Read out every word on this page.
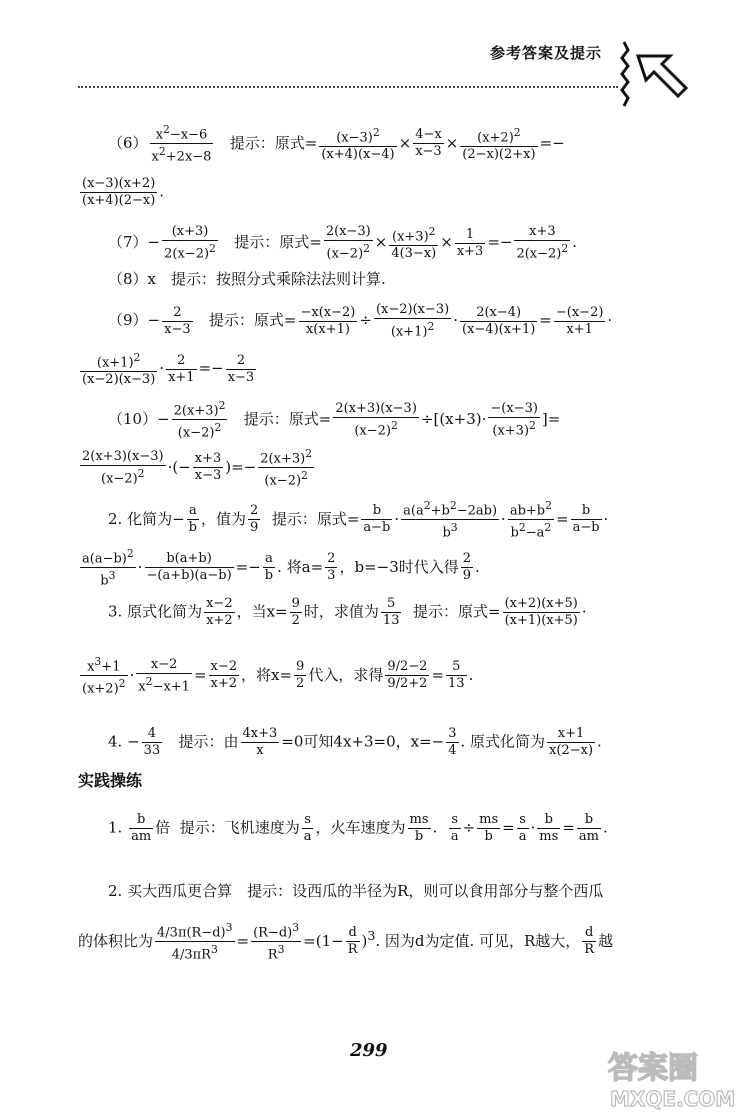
参考答案及提示
$(6) \frac{x^2-x-6}{x^2+2x-8}$ 提示：原式= $\frac{(x-3)^2}{(x+4)(x-4)} \times \frac{4-x}{x-3} \times \frac{(x+2)^2}{(2-x)(2+x)}$ =−
$\frac{(x-3)(x+2)}{(x+4)(2-x)}$ .
$(7)- \frac{(x+3)}{2(x-2)^2}$ 提示：原式= $\frac{2(x-3)}{(x-2)^2} \times \frac{(x+3)^2}{4(3-x)} \times \frac{1}{x+3} =- \frac{x+3}{2(x-2)^2}$ .
（8）x　提示：按照分式乘除法法则计算.
$(9)- \frac{2}{x-3}$ 提示：原式= $\frac{-x(x-2)}{x(x+1)} \div \frac{(x-2)(x-3)}{(x+1)^2} \cdot \frac{2(x-4)}{(x-4)(x+1)} = \frac{-(x-2)}{x+1}$ ·
$\frac{(x+1)^2}{(x-2)(x-3)} \cdot \frac{2}{x+1} =- \frac{2}{x-3}$
$(10)- \frac{2(x+3)^2}{(x-2)^2}$ 提示：原式= $\frac{2(x+3)(x-3)}{(x-2)^2} \div[(x+3)\cdot \frac{-(x-3)}{(x+3)^2}$ ]=
$\frac{2(x+3)(x-3)}{(x-2)^2}$ ·(− $\frac{x+3}{x-3}$ )=− $\frac{2(x+3)^2}{(x-2)^2}$
2. 化简为− $\frac{a}{b}$ ，值为 $\frac{2}{9}$ 提示：原式= $\frac{b}{a-b} \cdot \frac{a(a^2+b^2-2ab)}{b^3} \cdot \frac{ab+b^2}{b^2-a^2} = \frac{b}{a-b}$ ·
$\frac{a(a-b)^2}{b^3} \cdot \frac{b(a+b)}{-(a+b)(a-b)} =- \frac{a}{b}$ . 将$a= \frac{2}{3}$ ，b=−3时代入得 $\frac{2}{9}$ .
3. 原式化简为 $\frac{x-2}{x+2}$ ，当$x= \frac{9}{2}$ 时，求值为 $\frac{5}{13}$ 提示：原式= $\frac{(x+2)(x+5)}{(x+1)(x+5)}$ ·
$\frac{x^3+1}{(x+2)^2} \cdot \frac{x-2}{x^2-x+1} = \frac{x-2}{x+2}$ ，将$x= \frac{9}{2}$ 代入，求得 $\frac{9/2-2}{9/2+2} = \frac{5}{13}$ .
4. − $\frac{4}{33}$ 提示：由 $\frac{4x+3}{x} =0$可知4x+3=0，$x=- \frac{3}{4}$ . 原式化简为 $\frac{x+1}{x(2-x)}$ .
实践操练
1. $\frac{b}{am}$ 倍  提示：飞机速度为 $\frac{s}{a}$ ，火车速度为 $\frac{ms}{b}$ . $\frac{s}{a} \div \frac{ms}{b} = \frac{s}{a} \cdot \frac{b}{ms} = \frac{b}{am}$ .
2. 买大西瓜更合算　提示：设西瓜的半径为R，则可以食用部分与整个西瓜
的体积比为 $\frac{4/3\pi(R-d)^3}{4/3\pi R^3} = \frac{(R-d)^3}{R^3} =(1- \frac{d}{R} )^3$. 因为d为定值. 可见，R越大， $\frac{d}{R}$ 越
299
答案圈
MXQE.COM
